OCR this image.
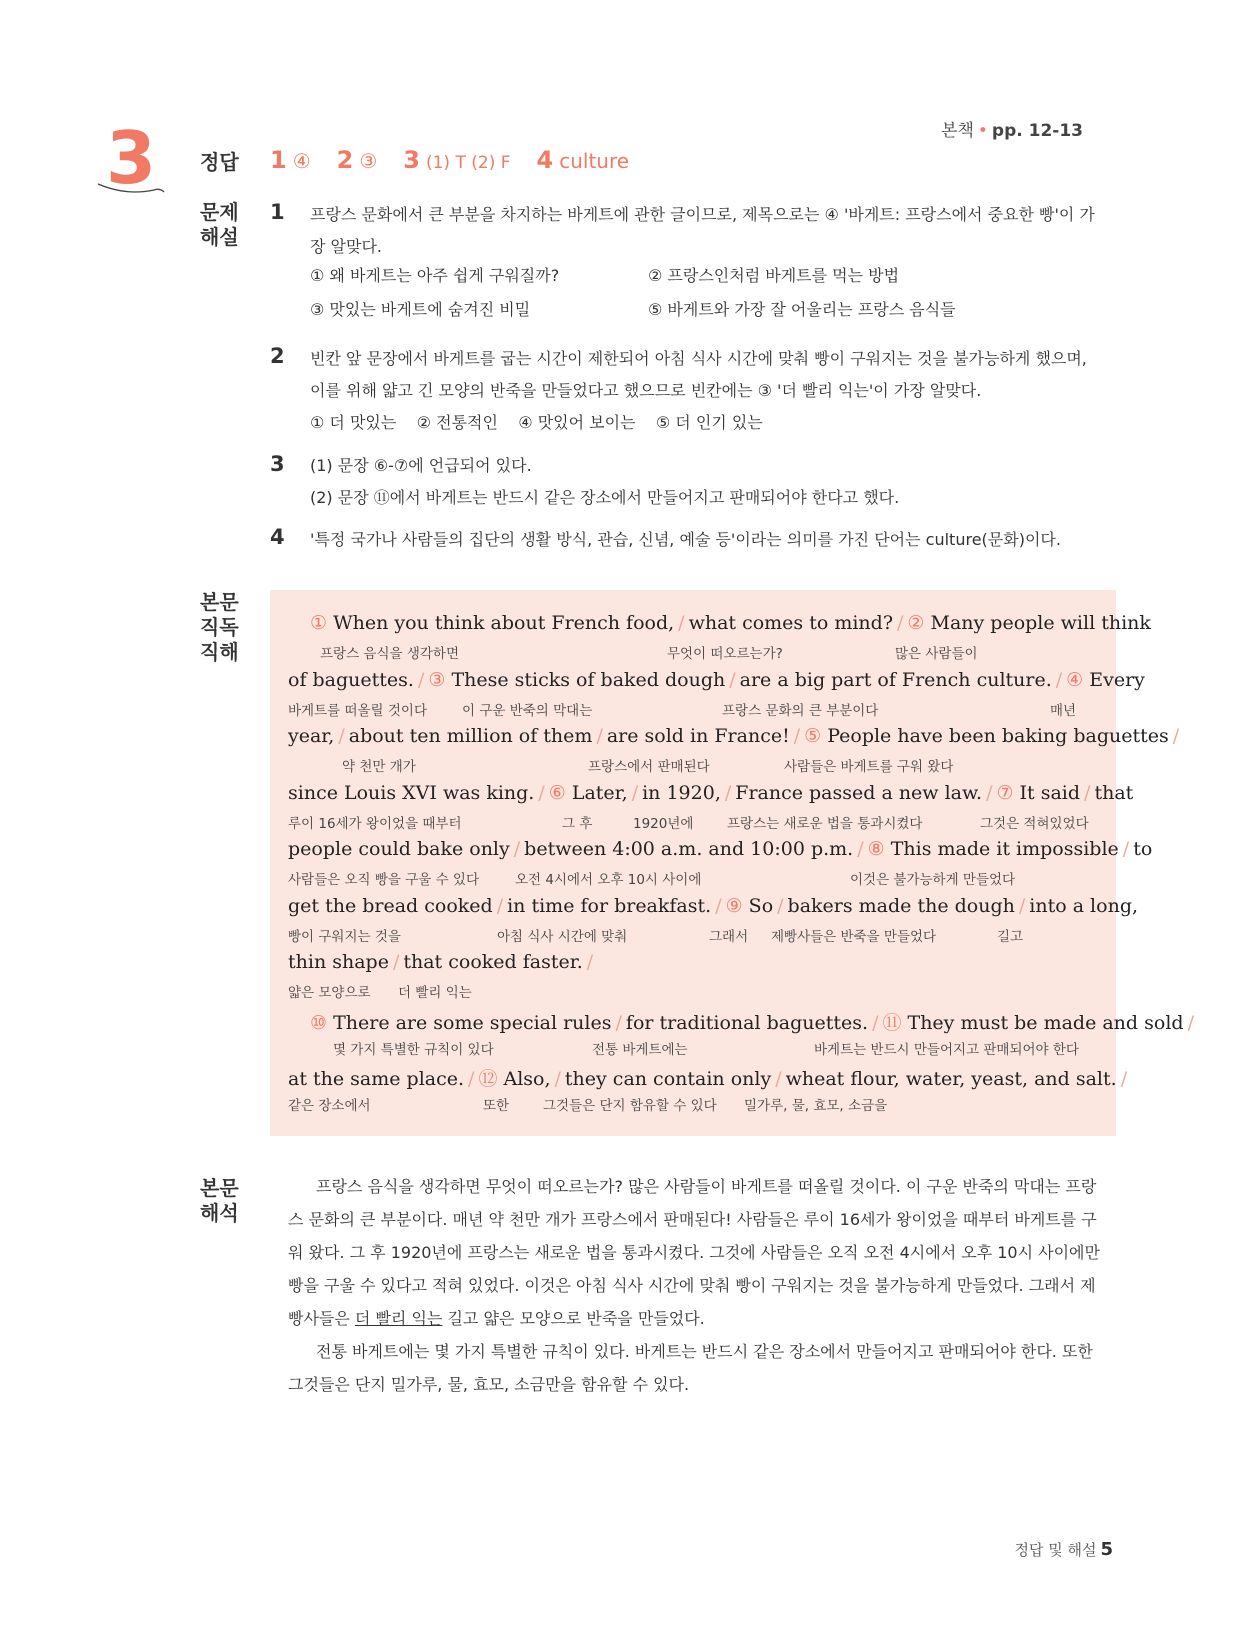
본책 • pp. 12-13
3 정답 1 ④ 2 ③ 3 (1) T (2) F 4 culture
문제 해설
1 프랑스 문화에서 큰 부분을 차지하는 바게트에 관한 글이므로, 제목으로는 ④ '바게트: 프랑스에서 중요한 빵'이 가장 알맞다.
① 왜 바게트는 아주 쉽게 구워질까?	② 프랑스인처럼 바게트를 먹는 방법
③ 맛있는 바게트에 숨겨진 비밀	⑤ 바게트와 가장 잘 어울리는 프랑스 음식들
2 빈칸 앞 문장에서 바게트를 굽는 시간이 제한되어 아침 식사 시간에 맞춰 빵이 구워지는 것을 불가능하게 했으며, 이를 위해 얇고 긴 모양의 반죽을 만들었다고 했으므로 빈칸에는 ③ '더 빨리 익는'이 가장 알맞다.
① 더 맛있는    ② 전통적인    ④ 맛있어 보이는    ⑤ 더 인기 있는
3 (1) 문장 ⑥-⑦에 언급되어 있다.
(2) 문장 ⑪에서 바게트는 반드시 같은 장소에서 만들어지고 판매되어야 한다고 했다.
4 '특정 국가나 사람들의 집단의 생활 방식, 관습, 신념, 예술 등'이라는 의미를 가진 단어는 culture(문화)이다.
본문 직독 직해
① When you think about French food, / what comes to mind? / ② Many people will think
프랑스 음식을 생각하면	무엇이 떠오르는가?	많은 사람들이
of baguettes. / ③ These sticks of baked dough / are a big part of French culture. / ④ Every
바게트를 떠올릴 것이다	이 구운 반죽의 막대는	프랑스 문화의 큰 부분이다	매년
year, / about ten million of them / are sold in France! / ⑤ People have been baking baguettes /
약 천만 개가	프랑스에서 판매된다	사람들은 바게트를 구워 왔다
since Louis XVI was king. / ⑥ Later, / in 1920, / France passed a new law. / ⑦ It said / that
루이 16세가 왕이었을 때부터	그 후	1920년에 프랑스는 새로운 법을 통과시켰다	그것은 적혀있었다
people could bake only / between 4:00 a.m. and 10:00 p.m. / ⑧ This made it impossible / to
사람들은 오직 빵을 구울 수 있다	오전 4시에서 오후 10시 사이에	이것은 불가능하게 만들었다
get the bread cooked / in time for breakfast. / ⑨ So / bakers made the dough / into a long,
빵이 구워지는 것을	아침 식사 시간에 맞춰	그래서 제빵사들은 반죽을 만들었다	길고
thin shape / that cooked faster. /
얇은 모양으로 더 빨리 익는
⑩ There are some special rules / for traditional baguettes. / ⑪ They must be made and sold /
몇 가지 특별한 규칙이 있다	전통 바게트에는	바게트는 반드시 만들어지고 판매되어야 한다
at the same place. / ⑫ Also, / they can contain only / wheat flour, water, yeast, and salt. /
같은 장소에서	또한	그것들은 단지 함유할 수 있다 밀가루, 물, 효모, 소금을
본문 해석

프랑스 음식을 생각하면 무엇이 떠오르는가? 많은 사람들이 바게트를 떠올릴 것이다. 이 구운 반죽의 막대는 프랑스 문화의 큰 부분이다. 매년 약 천만 개가 프랑스에서 판매된다! 사람들은 루이 16세가 왕이었을 때부터 바게트를 구워 왔다. 그 후 1920년에 프랑스는 새로운 법을 통과시켰다. 그것에 사람들은 오직 오전 4시에서 오후 10시 사이에만 빵을 구울 수 있다고 적혀 있었다. 이것은 아침 식사 시간에 맞춰 빵이 구워지는 것을 불가능하게 만들었다. 그래서 제빵사들은 더 빨리 익는 길고 얇은 모양으로 반죽을 만들었다.

전통 바게트에는 몇 가지 특별한 규칙이 있다. 바게트는 반드시 같은 장소에서 만들어지고 판매되어야 한다. 또한 그것들은 단지 밀가루, 물, 효모, 소금만을 함유할 수 있다.

정답 및 해설 5
